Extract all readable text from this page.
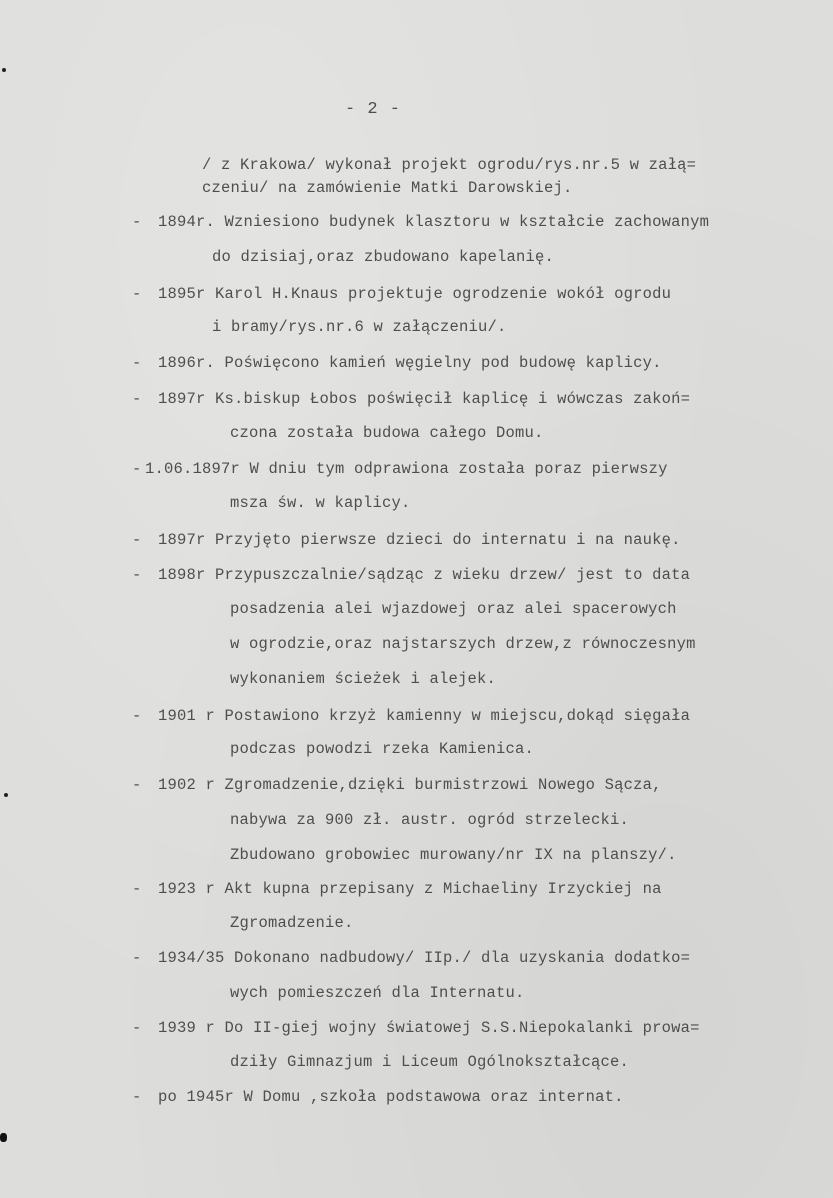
- 2 -
/ z Krakowa/ wykonał projekt ogrodu/rys.nr.5 w załą=
czeniu/ na zamówienie Matki Darowskiej.
- 1894r. Wzniesiono budynek klasztoru w kształcie zachowanym
do dzisiaj,oraz zbudowano kapelanię.
- 1895r Karol H.Knaus projektuje ogrodzenie wokół ogrodu
i bramy/rys.nr.6 w załączeniu/.
- 1896r. Poświęcono kamień węgielny pod budowę kaplicy.
- 1897r Ks.biskup Łobos poświęcił kaplicę i wówczas zakoń=
czona została budowa całego Domu.
- 1.06.1897r W dniu tym odprawiona została poraz pierwszy
msza św. w kaplicy.
- 1897r Przyjęto pierwsze dzieci do internatu i na naukę.
- 1898r Przypuszczalnie/sądząc z wieku drzew/ jest to data
posadzenia alei wjazdowej oraz alei spacerowych
w ogrodzie,oraz najstarszych drzew,z równoczesnym
wykonaniem ścieżek i alejek.
- 1901 r Postawiono krzyż kamienny w miejscu,dokąd sięgała
podczas powodzi rzeka Kamienica.
- 1902 r Zgromadzenie,dzięki burmistrzowi Nowego Sącza,
nabywa za 900 zł. austr. ogród strzelecki.
Zbudowano grobowiec murowany/nr IX na planszy/.
- 1923 r Akt kupna przepisany z Michaeliny Irzyckiej na
Zgromadzenie.
- 1934/35 Dokonano nadbudowy/ IIp./ dla uzyskania dodatko=
wych pomieszczeń dla Internatu.
- 1939 r Do II-giej wojny światowej S.S.Niepokalanki prowa=
dziły Gimnazjum i Liceum Ogólnokształcące.
- po 1945r W Domu ,szkoła podstawowa oraz internat.
